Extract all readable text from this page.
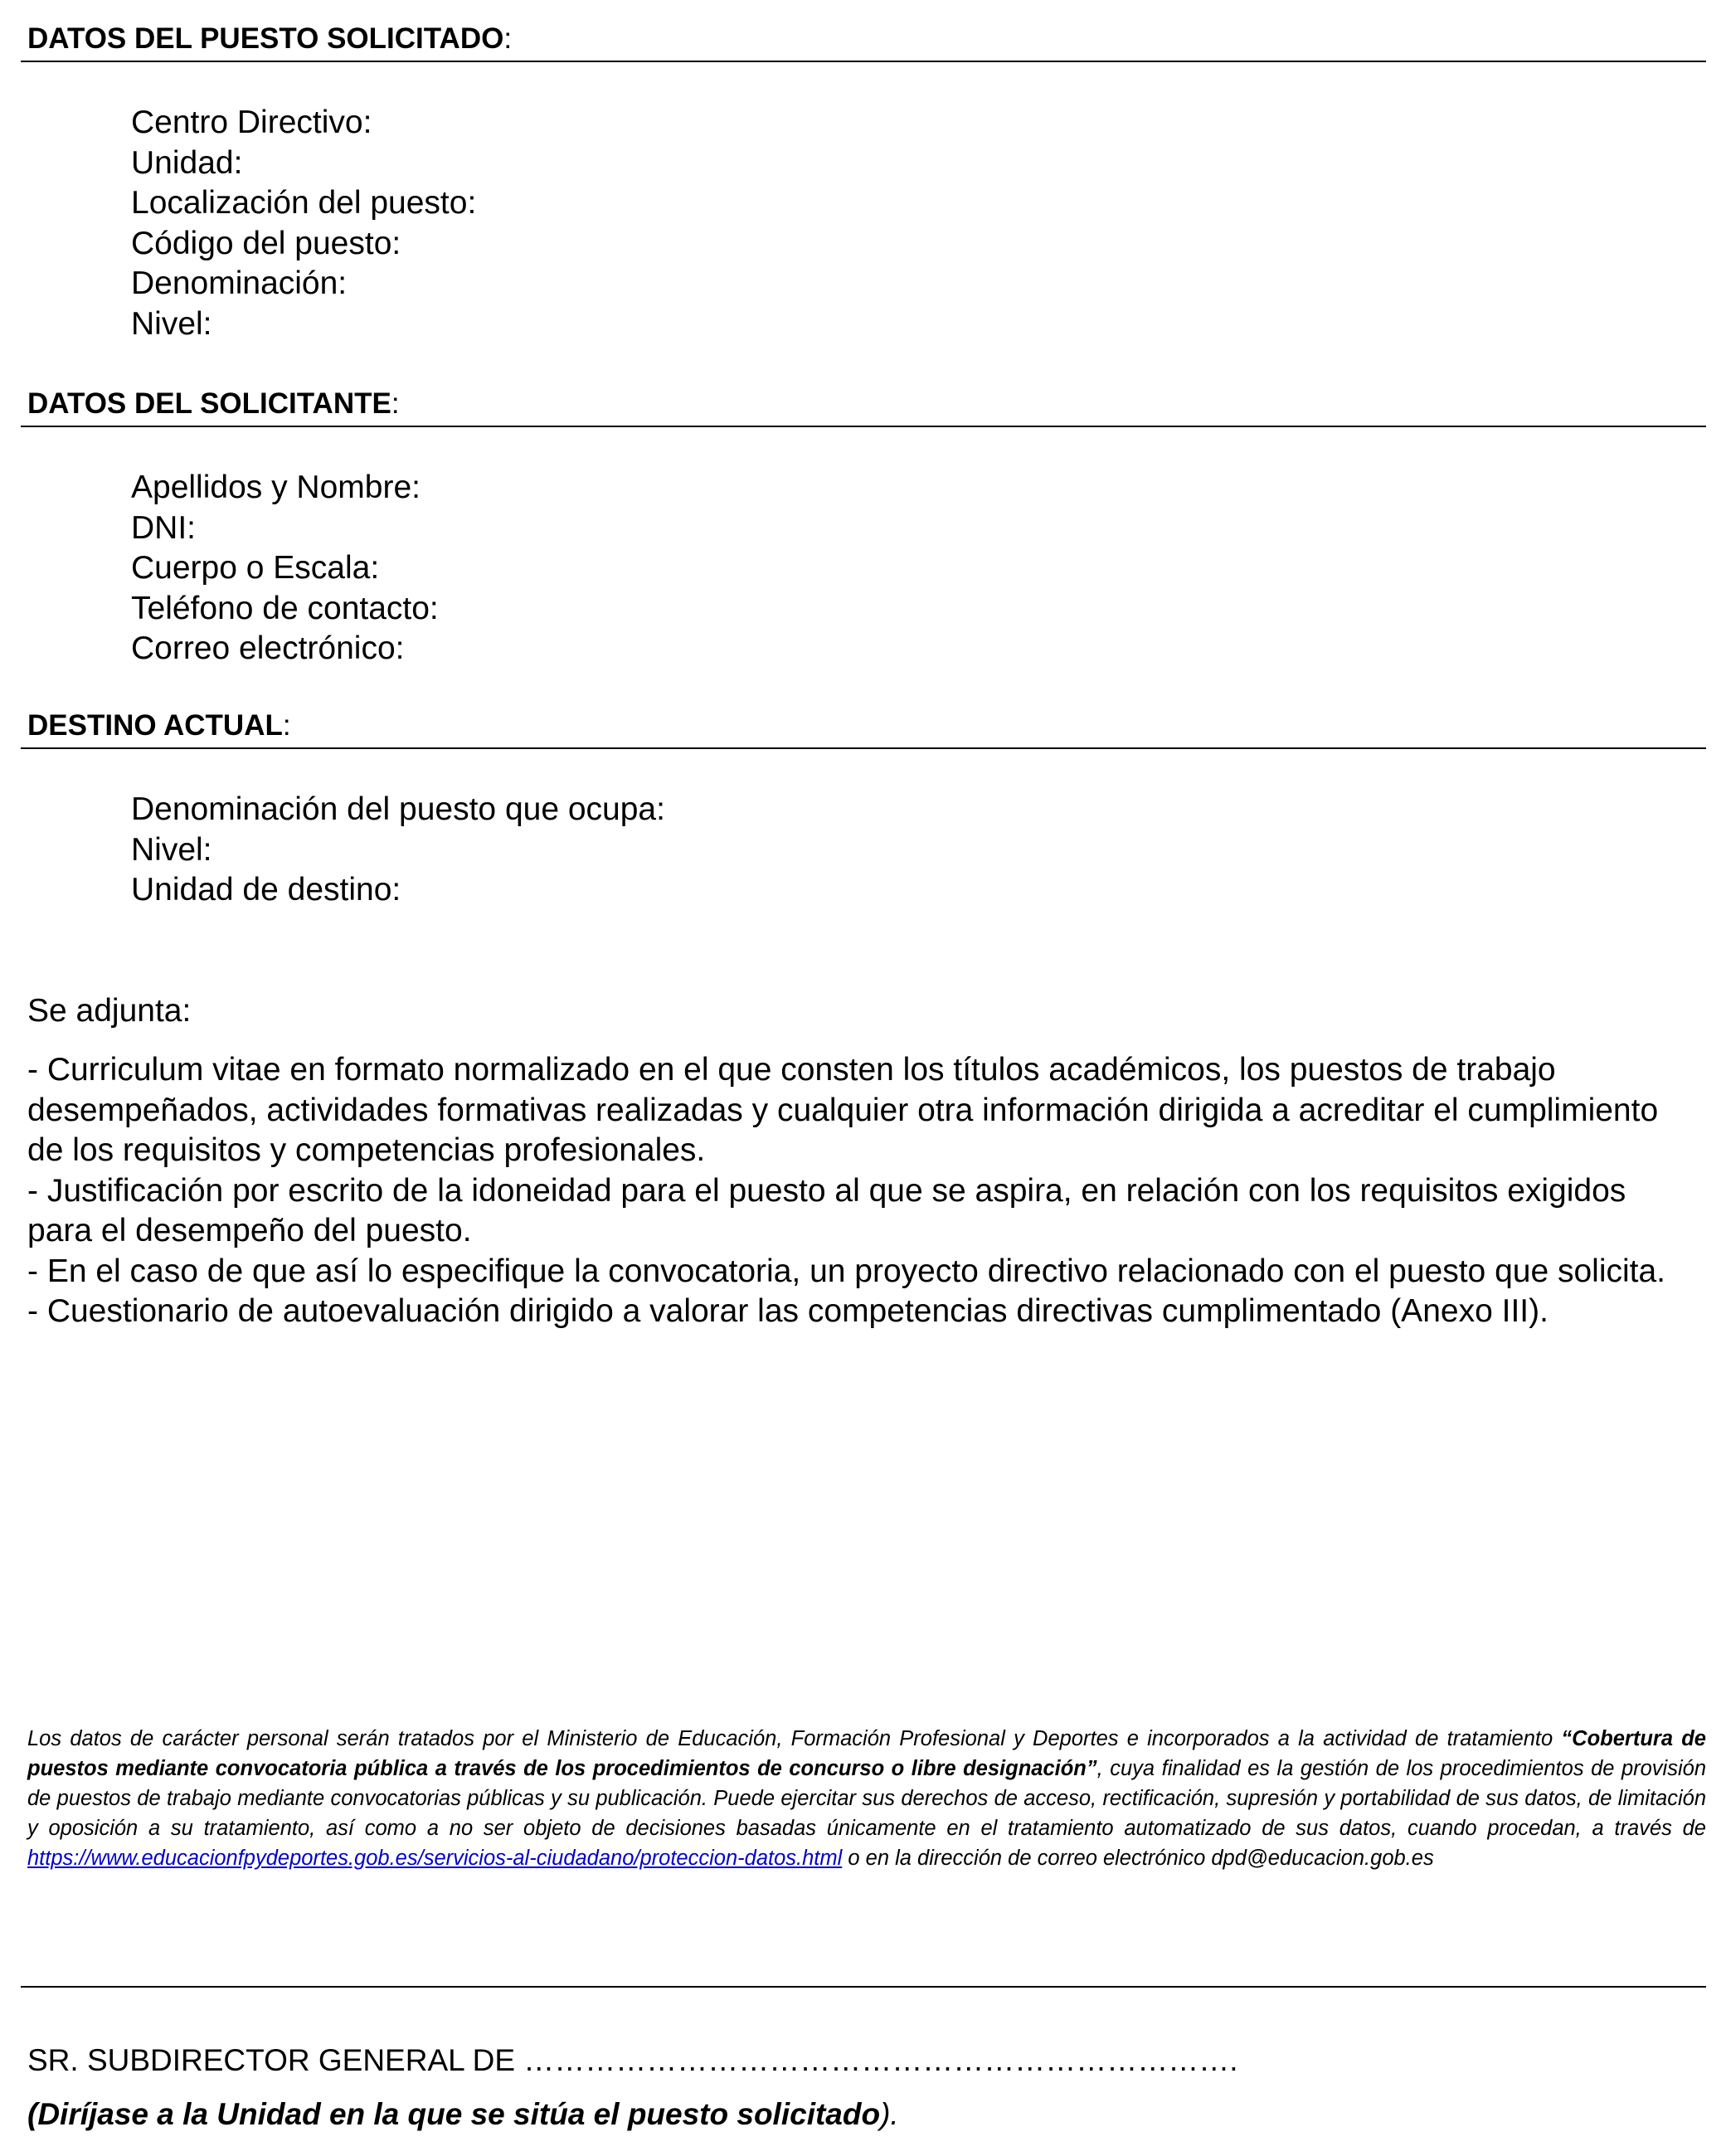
DATOS DEL PUESTO SOLICITADO:

Centro Directivo:
Unidad:
Localización del puesto:
Código del puesto:
Denominación:
Nivel:

DATOS DEL SOLICITANTE:

Apellidos y Nombre:
DNI:
Cuerpo o Escala:
Teléfono de contacto:
Correo electrónico:

DESTINO ACTUAL:

Denominación del puesto que ocupa:
Nivel:
Unidad de destino:

Se adjunta:

- Curriculum vitae en formato normalizado en el que consten los títulos académicos, los puestos de trabajo desempeñados, actividades formativas realizadas y cualquier otra información dirigida a acreditar el cumplimiento de los requisitos y competencias profesionales.
- Justificación por escrito de la idoneidad para el puesto al que se aspira, en relación con los requisitos exigidos para el desempeño del puesto.
- En el caso de que así lo especifique la convocatoria, un proyecto directivo relacionado con el puesto que solicita.
- Cuestionario de autoevaluación dirigido a valorar las competencias directivas cumplimentado (Anexo III).

Los datos de carácter personal serán tratados por el Ministerio de Educación, Formación Profesional y Deportes e incorporados a la actividad de tratamiento “Cobertura de puestos mediante convocatoria pública a través de los procedimientos de concurso o libre designación”, cuya finalidad es la gestión de los procedimientos de provisión de puestos de trabajo mediante convocatorias públicas y su publicación. Puede ejercitar sus derechos de acceso, rectificación, supresión y portabilidad de sus datos, de limitación y oposición a su tratamiento, así como a no ser objeto de decisiones basadas únicamente en el tratamiento automatizado de sus datos, cuando procedan, a través de https://www.educacionfpydeportes.gob.es/servicios-al-ciudadano/proteccion-datos.html o en la dirección de correo electrónico dpd@educacion.gob.es

SR. SUBDIRECTOR GENERAL DE …………………………………………………………….

(Diríjase a la Unidad en la que se sitúa el puesto solicitado).
